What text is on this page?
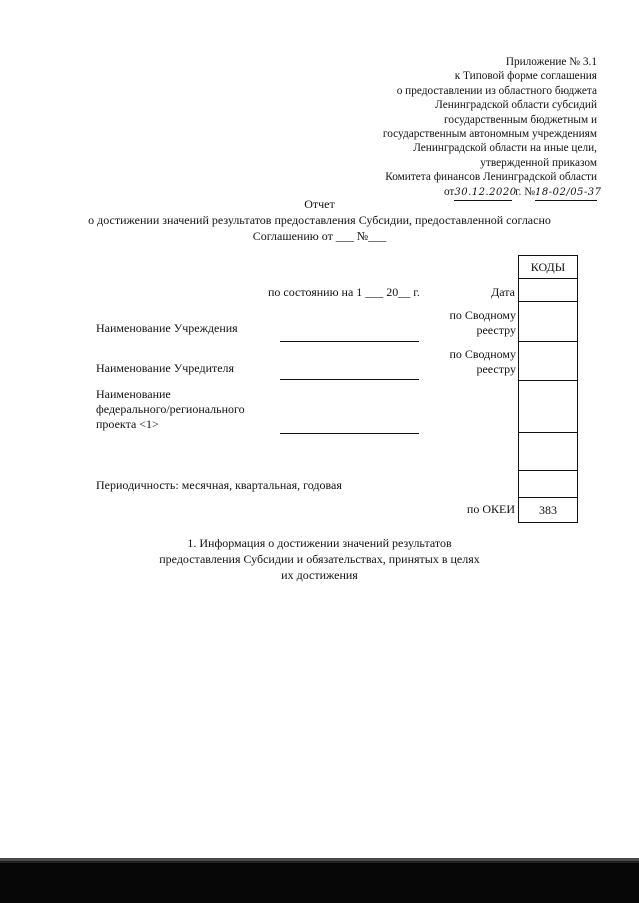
Приложение № 3.1
к Типовой форме соглашения
о предоставлении из областного бюджета
Ленинградской области субсидий
государственным бюджетным и
государственным автономным учреждениям
Ленинградской области на иные цели,
утвержденной приказом
Комитета финансов Ленинградской области
от30.12.2020 г. №18-02/05-37
Отчет
о достижении значений результатов предоставления Субсидии, предоставленной согласно
Соглашению от ___ №___
по состоянию на 1 ___ 20__ г.	Дата
Наименование Учреждения
по Сводному реестру
Наименование Учредителя
по Сводному реестру
Наименование
федерального/регионального
проекта <1>
Периодичность: месячная, квартальная, годовая
по ОКЕИ
КОДЫ
383
1. Информация о достижении значений результатов
предоставления Субсидии и обязательствах, принятых в целях
их достижения
